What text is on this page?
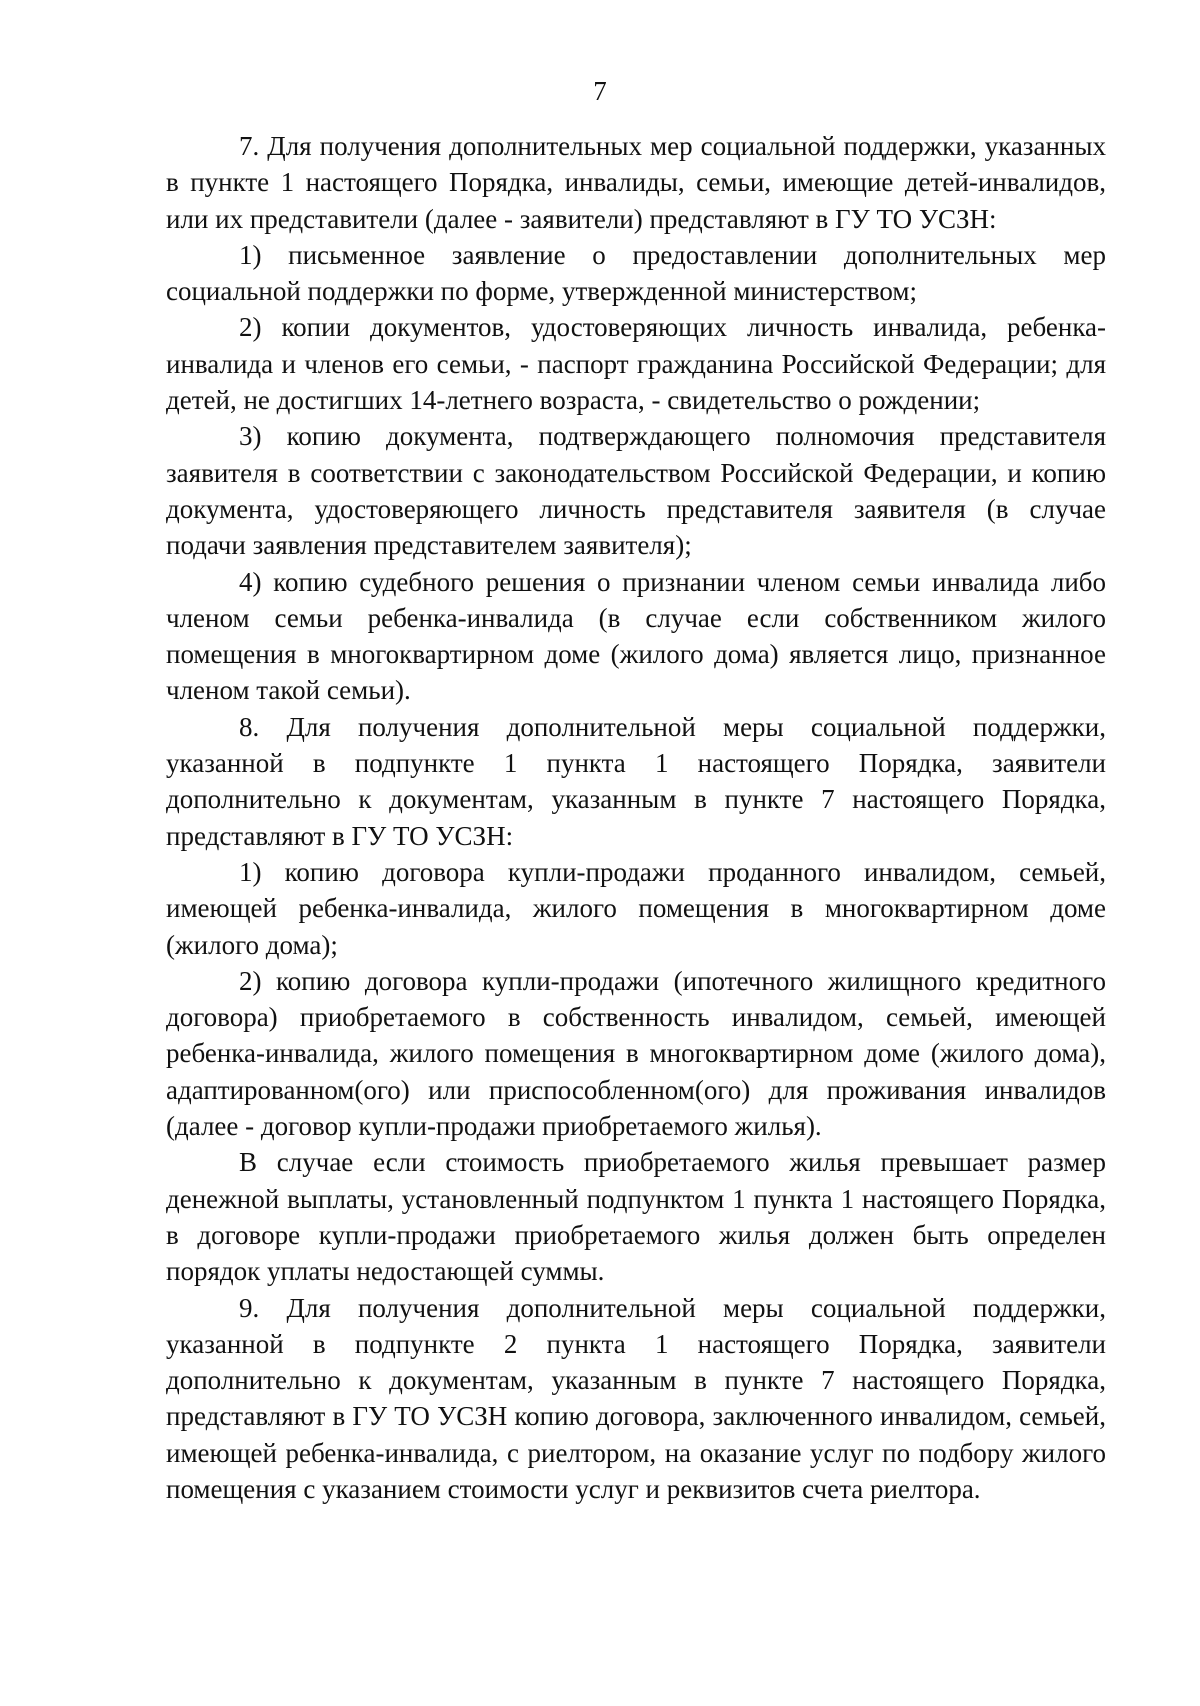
7

7. Для получения дополнительных мер социальной поддержки, указанных в пункте 1 настоящего Порядка, инвалиды, семьи, имеющие детей-инвалидов, или их представители (далее - заявители) представляют в ГУ ТО УСЗН:

1) письменное заявление о предоставлении дополнительных мер социальной поддержки по форме, утвержденной министерством;

2) копии документов, удостоверяющих личность инвалида, ребенка-инвалида и членов его семьи, - паспорт гражданина Российской Федерации; для детей, не достигших 14-летнего возраста, - свидетельство о рождении;

3) копию документа, подтверждающего полномочия представителя заявителя в соответствии с законодательством Российской Федерации, и копию документа, удостоверяющего личность представителя заявителя (в случае подачи заявления представителем заявителя);

4) копию судебного решения о признании членом семьи инвалида либо членом семьи ребенка-инвалида (в случае если собственником жилого помещения в многоквартирном доме (жилого дома) является лицо, признанное членом такой семьи).

8. Для получения дополнительной меры социальной поддержки, указанной в подпункте 1 пункта 1 настоящего Порядка, заявители дополнительно к документам, указанным в пункте 7 настоящего Порядка, представляют в ГУ ТО УСЗН:

1) копию договора купли-продажи проданного инвалидом, семьей, имеющей ребенка-инвалида, жилого помещения в многоквартирном доме (жилого дома);

2) копию договора купли-продажи (ипотечного жилищного кредитного договора) приобретаемого в собственность инвалидом, семьей, имеющей ребенка-инвалида, жилого помещения в многоквартирном доме (жилого дома), адаптированном(ого) или приспособленном(ого) для проживания инвалидов (далее - договор купли-продажи приобретаемого жилья).

В случае если стоимость приобретаемого жилья превышает размер денежной выплаты, установленный подпунктом 1 пункта 1 настоящего Порядка, в договоре купли-продажи приобретаемого жилья должен быть определен порядок уплаты недостающей суммы.

9. Для получения дополнительной меры социальной поддержки, указанной в подпункте 2 пункта 1 настоящего Порядка, заявители дополнительно к документам, указанным в пункте 7 настоящего Порядка, представляют в ГУ ТО УСЗН копию договора, заключенного инвалидом, семьей, имеющей ребенка-инвалида, с риелтором, на оказание услуг по подбору жилого помещения с указанием стоимости услуг и реквизитов счета риелтора.
